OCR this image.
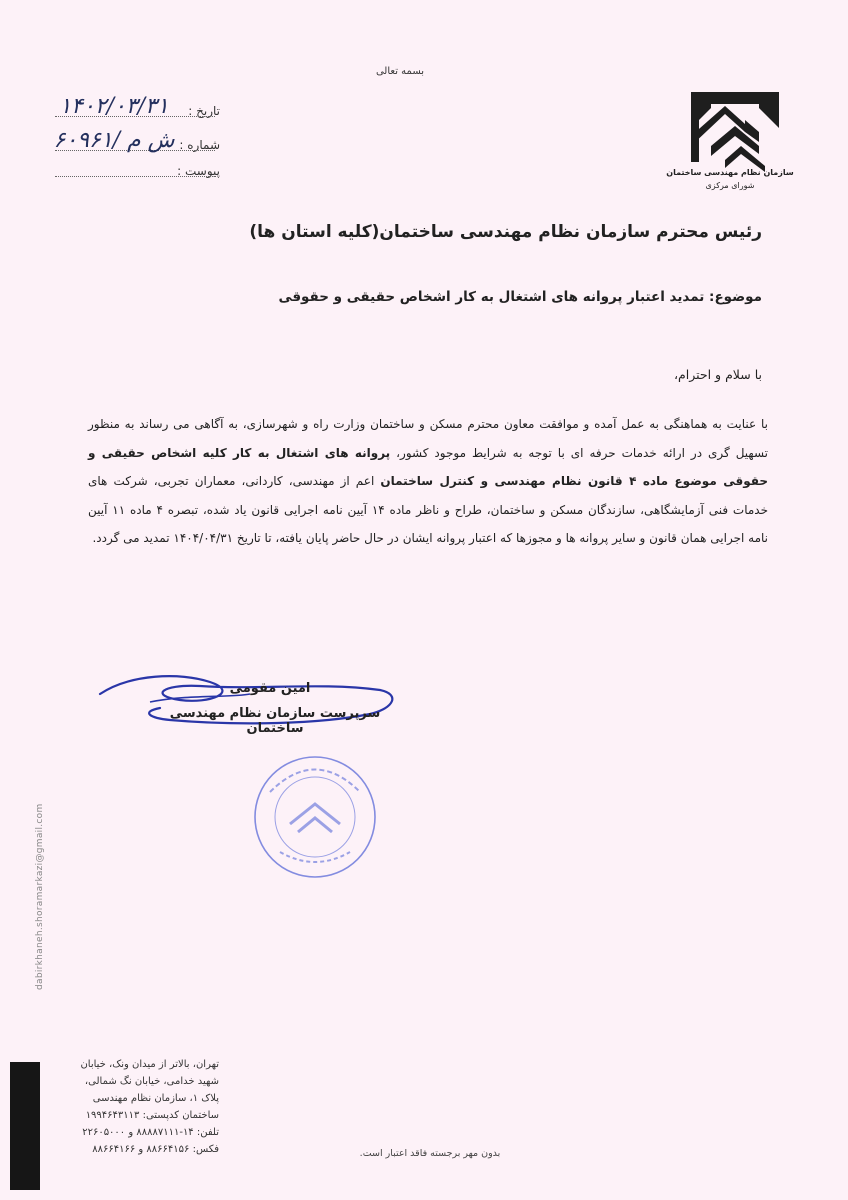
بسمه تعالی
سازمان نظام مهندسی ساختمان
شورای مرکزی
تاریخ :
۱۴۰۲/۰۳/۳۱
شماره :
۶۰۹۶۱/ ش م
پیوست :
رئیس محترم سازمان نظام مهندسی ساختمان(کلیه استان ها)
موضوع: تمدید اعتبار پروانه های اشتغال به کار اشخاص حقیقی و حقوقی
با سلام و احترام،
با عنایت به هماهنگی به عمل آمده و موافقت معاون محترم مسکن و ساختمان وزارت راه و شهرسازی، به آگاهی می رساند به منظور تسهیل گری در ارائه خدمات حرفه ای با توجه به شرایط موجود کشور، پروانه های اشتغال به کار کلیه اشخاص حقیقی و حقوقی موضوع ماده ۴ قانون نظام مهندسی و کنترل ساختمان اعم از مهندسی، کاردانی، معماران تجربی، شرکت های خدمات فنی آزمایشگاهی، سازندگان مسکن و ساختمان، طراح و ناظر ماده ۱۴ آیین نامه اجرایی قانون یاد شده، تبصره ۴ ماده ۱۱ آیین نامه اجرایی همان قانون و سایر پروانه ها و مجوزها که اعتبار پروانه ایشان در حال حاضر پایان یافته، تا تاریخ ۱۴۰۴/۰۴/۳۱ تمدید می گردد.
امین مقومی
سرپرست سازمان نظام مهندسی ساختمان
dabirkhaneh.shoramarkazi@gmail.com
تهران، بالاتر از میدان ونک، خیابان
شهید خدامی، خیابان نگ شمالی،
پلاک ۱، سازمان نظام مهندسی
ساختمان کدپستی: ۱۹۹۴۶۴۳۱۱۳
تلفن: ۱۴-۸۸۸۸۷۱۱۱ و ۲۲۶۰۵۰۰۰
فکس: ۸۸۶۶۴۱۵۶ و ۸۸۶۶۴۱۶۶	بدون مهر برجسته فاقد اعتبار است.
